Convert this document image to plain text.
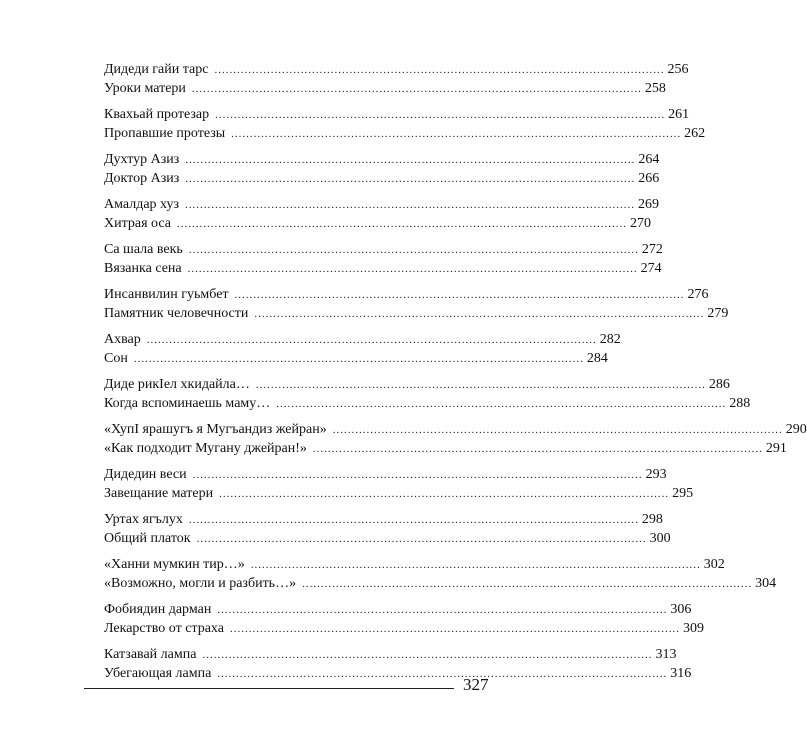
Дидеди гайи тарс ........................................................................................................................ 256
Уроки матери ........................................................................................................................ 258
Квахьай протезар ........................................................................................................................ 261
Пропавшие протезы ........................................................................................................................ 262
Духтур Азиз ........................................................................................................................ 264
Доктор Азиз ........................................................................................................................ 266
Амалдар хуз ........................................................................................................................ 269
Хитрая оса ........................................................................................................................ 270
Са шала векь ........................................................................................................................ 272
Вязанка сена ........................................................................................................................ 274
Инсанвилин гуьмбет ........................................................................................................................ 276
Памятник человечности ........................................................................................................................ 279
Ахвар ........................................................................................................................ 282
Сон ........................................................................................................................ 284
Диде рикIел хкидайла… ........................................................................................................................ 286
Когда вспоминаешь маму… ........................................................................................................................ 288
«ХупI ярашугъ я Мугъандиз жейран» ........................................................................................................................ 290
«Как подходит Мугану джейран!» ........................................................................................................................ 291
Дидедин веси ........................................................................................................................ 293
Завещание матери ........................................................................................................................ 295
Уртах ягълух ........................................................................................................................ 298
Общий платок ........................................................................................................................ 300
«Ханни мумкин тир…» ........................................................................................................................ 302
«Возможно, могли и разбить…» ........................................................................................................................ 304
Фобиядин дарман ........................................................................................................................ 306
Лекарство от страха ........................................................................................................................ 309
Катзавай лампа ........................................................................................................................ 313
Убегающая лампа ........................................................................................................................ 316
327
